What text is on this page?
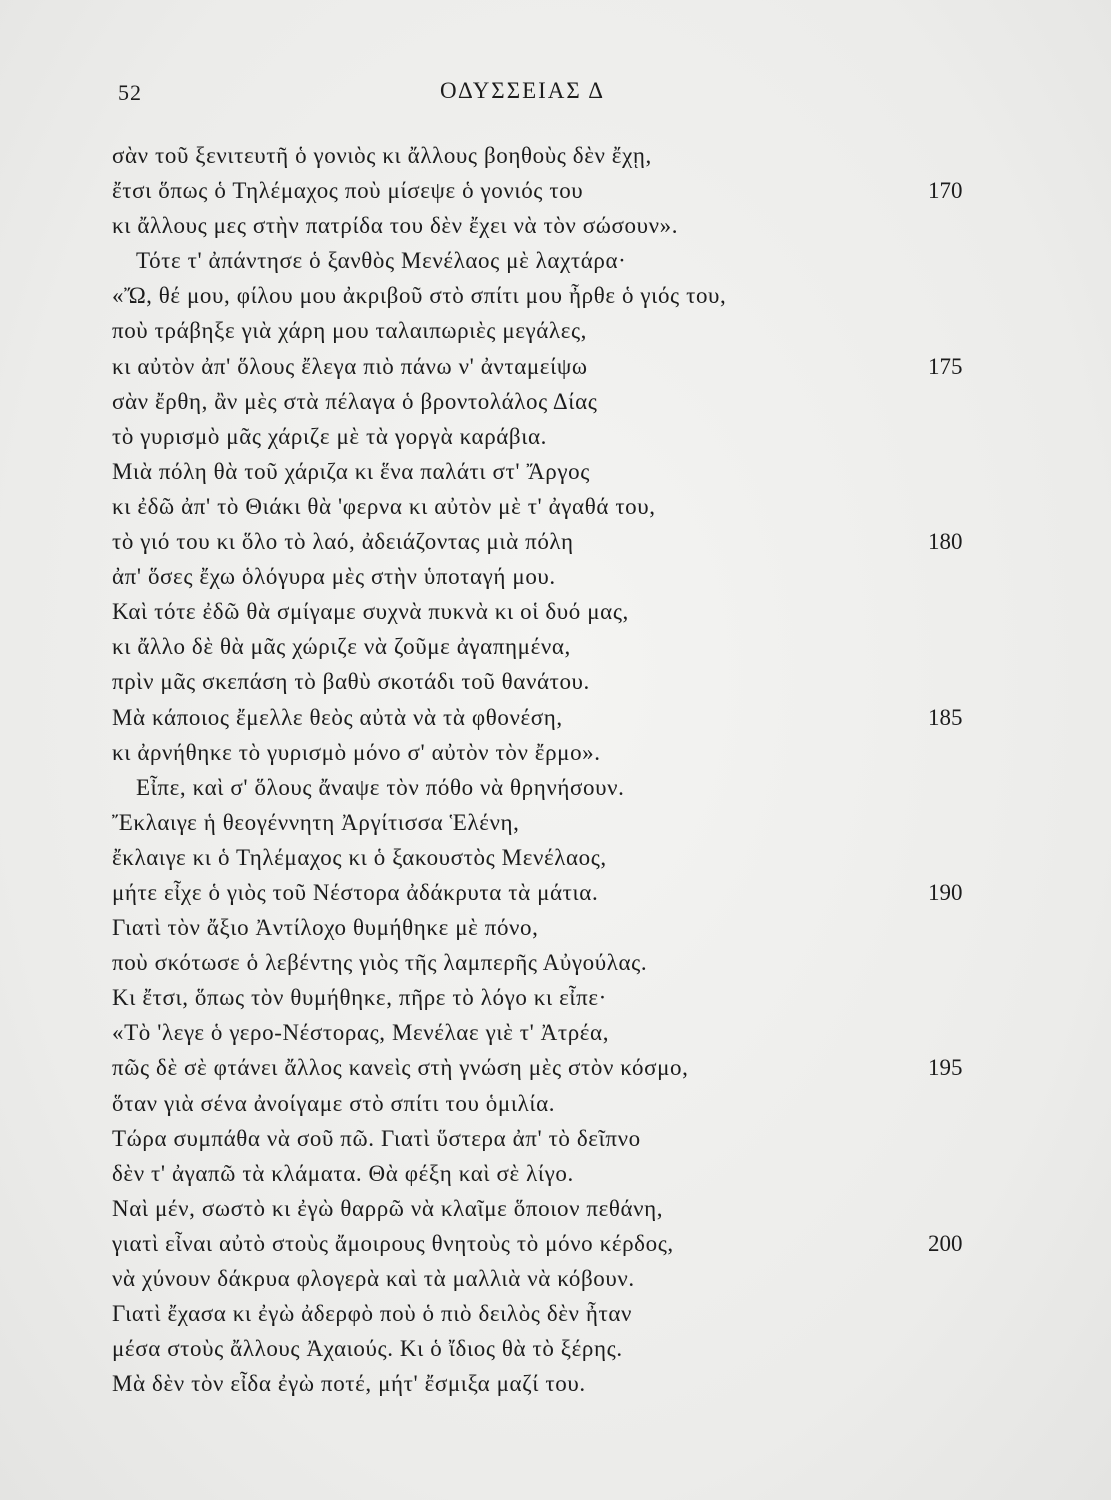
52	ΟΔΥΣΣΕΙΑΣ Δ
σὰν τοῦ ξενιτευτῆ ὁ γονιὸς κι ἄλλους βοηθοὺς δὲν ἔχῃ,
ἔτσι ὅπως ὁ Τηλέμαχος ποὺ μίσεψε ὁ γονιός του	170
κι ἄλλους μες στὴν πατρίδα του δὲν ἔχει νὰ τὸν σώσουν».
Τότε τ' ἀπάντησε ὁ ξανθὸς Μενέλαος μὲ λαχτάρα·
«Ὤ, θέ μου, φίλου μου ἀκριβοῦ στὸ σπίτι μου ἦρθε ὁ γιός του,
ποὺ τράβηξε γιὰ χάρη μου ταλαιπωριὲς μεγάλες,
κι αὐτὸν ἀπ' ὅλους ἔλεγα πιὸ πάνω ν' ἀνταμείψω	175
σὰν ἔρθη, ἂν μὲς στὰ πέλαγα ὁ βροντολάλος Δίας
τὸ γυρισμὸ μᾶς χάριζε μὲ τὰ γοργὰ καράβια.
Μιὰ πόλη θὰ τοῦ χάριζα κι ἕνα παλάτι στ' Ἄργος
κι ἐδῶ ἀπ' τὸ Θιάκι θὰ 'φερνα κι αὐτὸν μὲ τ' ἀγαθά του,
τὸ γιό του κι ὅλο τὸ λαό, ἀδειάζοντας μιὰ πόλη	180
ἀπ' ὅσες ἔχω ὁλόγυρα μὲς στὴν ὑποταγή μου.
Καὶ τότε ἐδῶ θὰ σμίγαμε συχνὰ πυκνὰ κι οἱ δυό μας,
κι ἄλλο δὲ θὰ μᾶς χώριζε νὰ ζοῦμε ἀγαπημένα,
πρὶν μᾶς σκεπάση τὸ βαθὺ σκοτάδι τοῦ θανάτου.
Μὰ κάποιος ἔμελλε θεὸς αὐτὰ νὰ τὰ φθονέση,	185
κι ἀρνήθηκε τὸ γυρισμὸ μόνο σ' αὐτὸν τὸν ἔρμο».
Εἶπε, καὶ σ' ὅλους ἄναψε τὸν πόθο νὰ θρηνήσουν.
Ἔκλαιγε ἡ θεογέννητη Ἀργίτισσα Ἑλένη,
ἔκλαιγε κι ὁ Τηλέμαχος κι ὁ ξακουστὸς Μενέλαος,
μήτε εἶχε ὁ γιὸς τοῦ Νέστορα ἀδάκρυτα τὰ μάτια.	190
Γιατὶ τὸν ἄξιο Ἀντίλοχο θυμήθηκε μὲ πόνο,
ποὺ σκότωσε ὁ λεβέντης γιὸς τῆς λαμπερῆς Αὐγούλας.
Κι ἔτσι, ὅπως τὸν θυμήθηκε, πῆρε τὸ λόγο κι εἶπε·
«Τὸ 'λεγε ὁ γερο-Νέστορας, Μενέλαε γιὲ τ' Ἀτρέα,
πῶς δὲ σὲ φτάνει ἄλλος κανεὶς στὴ γνώση μὲς στὸν κόσμο,	195
ὅταν γιὰ σένα ἀνοίγαμε στὸ σπίτι του ὁμιλία.
Τώρα συμπάθα νὰ σοῦ πῶ. Γιατὶ ὕστερα ἀπ' τὸ δεῖπνο
δὲν τ' ἀγαπῶ τὰ κλάματα. Θὰ φέξη καὶ σὲ λίγο.
Ναὶ μέν, σωστὸ κι ἐγὼ θαρρῶ νὰ κλαῖμε ὅποιον πεθάνη,
γιατὶ εἶναι αὐτὸ στοὺς ἄμοιρους θνητοὺς τὸ μόνο κέρδος,	200
νὰ χύνουν δάκρυα φλογερὰ καὶ τὰ μαλλιὰ νὰ κόβουν.
Γιατὶ ἔχασα κι ἐγὼ ἀδερφὸ ποὺ ὁ πιὸ δειλὸς δὲν ἦταν
μέσα στοὺς ἄλλους Ἀχαιούς. Κι ὁ ἴδιος θὰ τὸ ξέρης.
Μὰ δὲν τὸν εἶδα ἐγὼ ποτέ, μήτ' ἔσμιξα μαζί του.
